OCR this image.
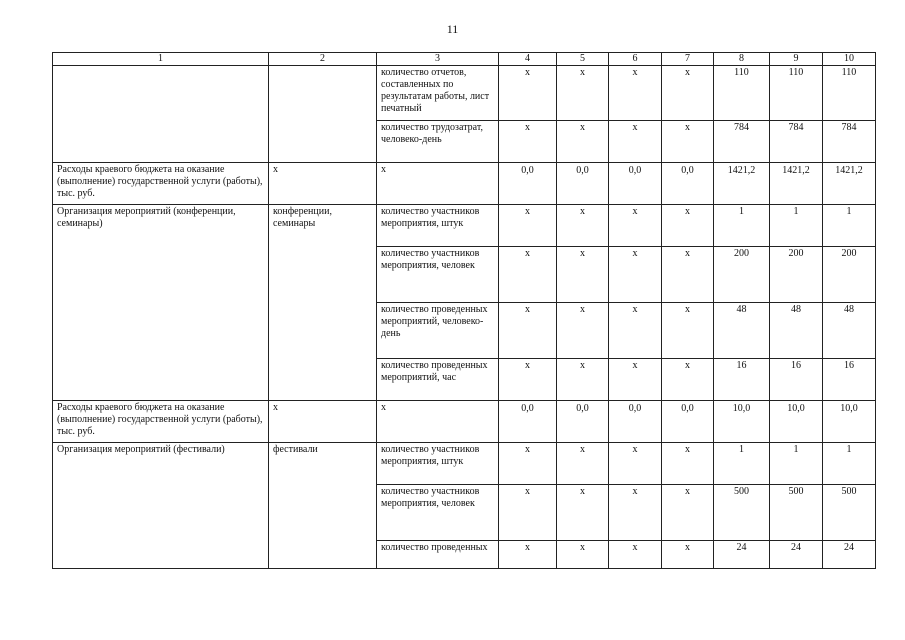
11
1	2	3	4	5	6	7	8	9	10
		количество отчетов, составленных по результатам работы, лист печатный	x	x	x	x	110	110	110
		количество трудозатрат, человеко-день	x	x	x	x	784	784	784
Расходы краевого бюджета на оказание (выполнение) государственной услуги (работы), тыс. руб.	x	x	0,0	0,0	0,0	0,0	1421,2	1421,2	1421,2
Организация мероприятий (конференции, семинары)	конференции, семинары	количество участников мероприятия, штук	x	x	x	x	1	1	1
		количество участников мероприятия, человек	x	x	x	x	200	200	200
		количество проведенных мероприятий, человеко-день	x	x	x	x	48	48	48
		количество проведенных мероприятий, час	x	x	x	x	16	16	16
Расходы краевого бюджета на оказание (выполнение) государственной услуги (работы), тыс. руб.	x	x	0,0	0,0	0,0	0,0	10,0	10,0	10,0
Организация мероприятий (фестивали)	фестивали	количество участников мероприятия, штук	x	x	x	x	1	1	1
		количество участников мероприятия, человек	x	x	x	x	500	500	500
		количество проведенных	x	x	x	x	24	24	24
